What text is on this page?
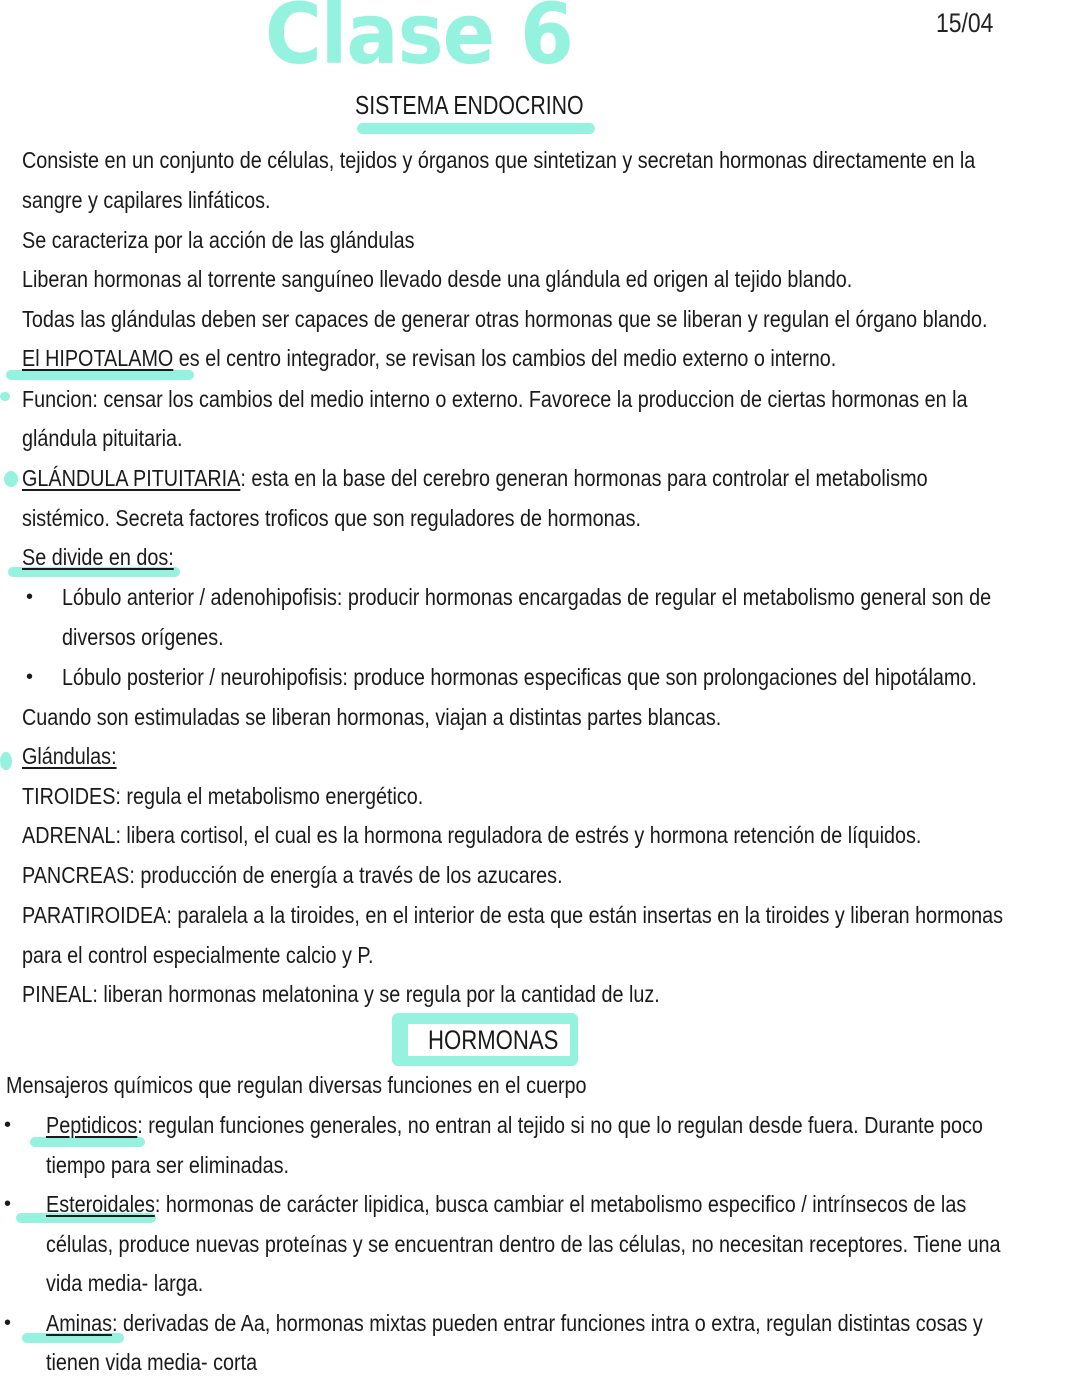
Clase 6	15/04
SISTEMA ENDOCRINO
Consiste en un conjunto de células, tejidos y órganos que sintetizan y secretan hormonas directamente en la
sangre y capilares linfáticos.
Se caracteriza por la acción de las glándulas
Liberan hormonas al torrente sanguíneo llevado desde una glándula ed origen al tejido blando.
Todas las glándulas deben ser capaces de generar otras hormonas que se liberan y regulan el órgano blando.
El HIPOTALAMO es el centro integrador, se revisan los cambios del medio externo o interno.
Funcion: censar los cambios del medio interno o externo. Favorece la produccion de ciertas hormonas en la
glándula pituitaria.
GLÁNDULA PITUITARIA: esta en la base del cerebro generan hormonas para controlar el metabolismo
sistémico. Secreta factores troficos que son reguladores de hormonas.
Se divide en dos:
• Lóbulo anterior / adenohipofisis: producir hormonas encargadas de regular el metabolismo general son de
diversos orígenes.
• Lóbulo posterior / neurohipofisis: produce hormonas especificas que son prolongaciones del hipotálamo.
Cuando son estimuladas se liberan hormonas, viajan a distintas partes blancas.
Glándulas:
TIROIDES: regula el metabolismo energético.
ADRENAL: libera cortisol, el cual es la hormona reguladora de estrés y hormona retención de líquidos.
PANCREAS: producción de energía a través de los azucares.
PARATIROIDEA: paralela a la tiroides, en el interior de esta que están insertas en la tiroides y liberan hormonas
para el control especialmente calcio y P.
PINEAL: liberan hormonas melatonina y se regula por la cantidad de luz.
HORMONAS
Mensajeros químicos que regulan diversas funciones en el cuerpo
• Peptidicos: regulan funciones generales, no entran al tejido si no que lo regulan desde fuera. Durante poco
tiempo para ser eliminadas.
• Esteroidales: hormonas de carácter lipidica, busca cambiar el metabolismo especifico / intrínsecos de las
células, produce nuevas proteínas y se encuentran dentro de las células, no necesitan receptores. Tiene una
vida media- larga.
• Aminas: derivadas de Aa, hormonas mixtas pueden entrar funciones intra o extra, regulan distintas cosas y
tienen vida media- corta
